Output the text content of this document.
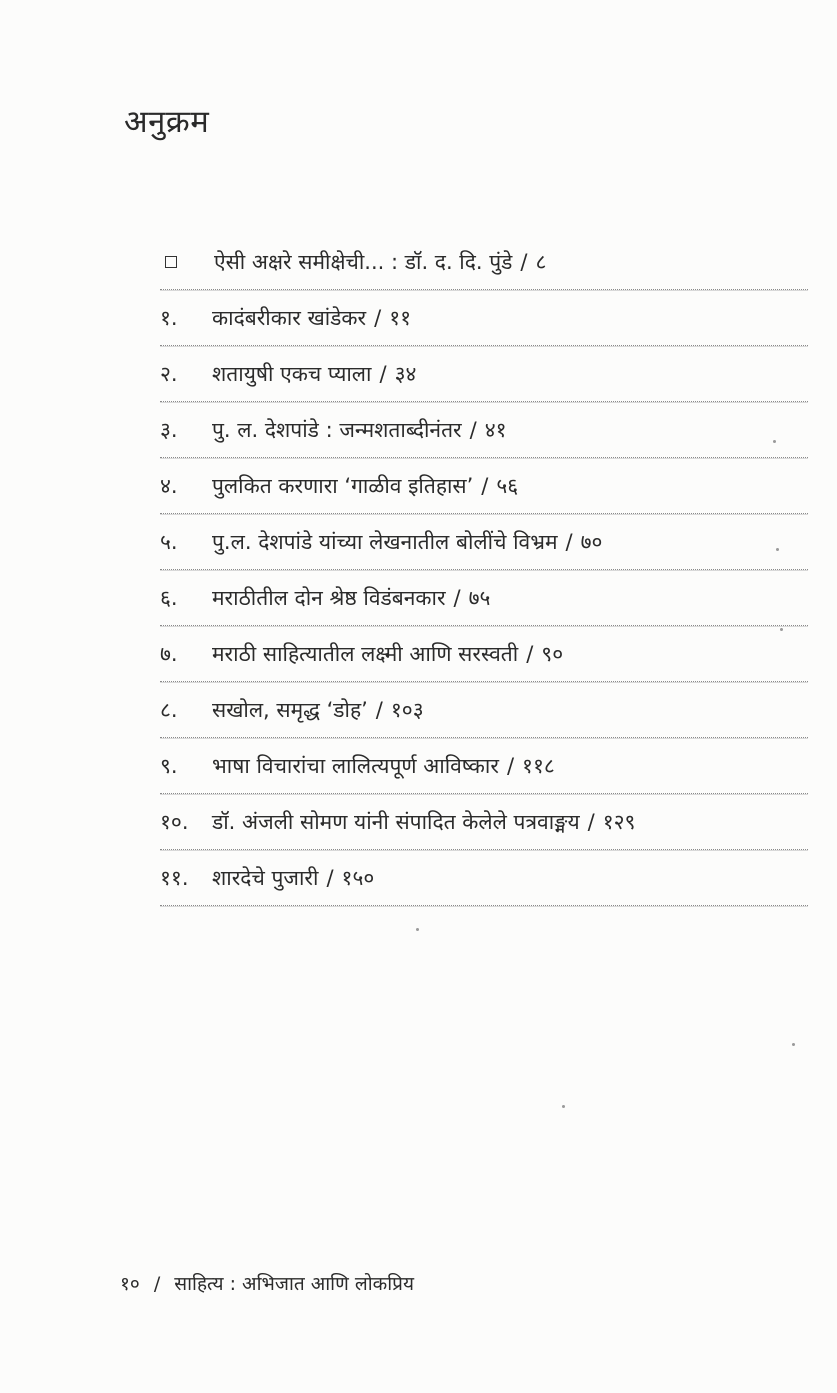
अनुक्रम
ऐसी अक्षरे समीक्षेची... : डॉ. द. दि. पुंडे / ८
१.	कादंबरीकार खांडेकर / ११
२.	शतायुषी एकच प्याला / ३४
३.	पु. ल. देशपांडे : जन्मशताब्दीनंतर / ४१
४.	पुलकित करणारा ‘गाळीव इतिहास’ / ५६
५.	पु.ल. देशपांडे यांच्या लेखनातील बोलींचे विभ्रम / ७०
६.	मराठीतील दोन श्रेष्ठ विडंबनकार / ७५
७.	मराठी साहित्यातील लक्ष्मी आणि सरस्वती / ९०
८.	सखोल, समृद्ध ‘डोह’ / १०३
९.	भाषा विचारांचा लालित्यपूर्ण आविष्कार / ११८
१०.	डॉ. अंजली सोमण यांनी संपादित केलेले पत्रवाङ्मय / १२९
११.	शारदेचे पुजारी / १५०
१० / साहित्य : अभिजात आणि लोकप्रिय
